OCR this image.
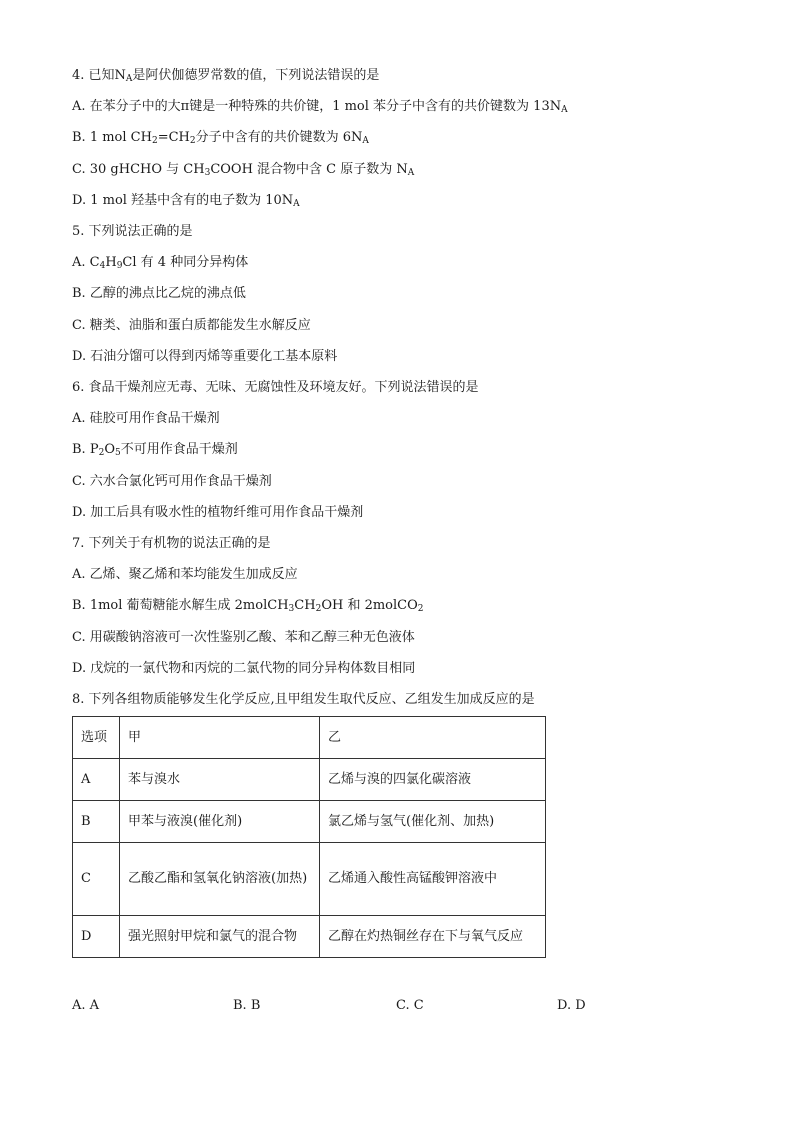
4. 已知$N_A$是阿伏伽德罗常数的值，下列说法错误的是
A. 在苯分子中的大π键是一种特殊的共价键，1 mol 苯分子中含有的共价键数为 $13N_A$
B. 1 mol $CH_2=CH_2$分子中含有的共价键数为 $6N_A$
C. 30 gHCHO 与 $CH_3COOH$ 混合物中含 C 原子数为 $N_A$
D. 1 mol 羟基中含有的电子数为 $10N_A$
5. 下列说法正确的是
A. $C_4H_9Cl$ 有 4 种同分异构体
B. 乙醇的沸点比乙烷的沸点低
C. 糖类、油脂和蛋白质都能发生水解反应
D. 石油分馏可以得到丙烯等重要化工基本原料
6. 食品干燥剂应无毒、无味、无腐蚀性及环境友好。下列说法错误的是
A. 硅胶可用作食品干燥剂
B. $P_2O_5$不可用作食品干燥剂
C. 六水合氯化钙可用作食品干燥剂
D. 加工后具有吸水性的植物纤维可用作食品干燥剂
7. 下列关于有机物的说法正确的是
A. 乙烯、聚乙烯和苯均能发生加成反应
B. 1mol 葡萄糖能水解生成 $2molCH_3CH_2OH$ 和 2molCO$_2$
C. 用碳酸钠溶液可一次性鉴别乙酸、苯和乙醇三种无色液体
D. 戊烷的一氯代物和丙烷的二氯代物的同分异构体数目相同
8. 下列各组物质能够发生化学反应,且甲组发生取代反应、乙组发生加成反应的是
选项	甲	乙
A	苯与溴水	乙烯与溴的四氯化碳溶液
B	甲苯与液溴(催化剂)	氯乙烯与氢气(催化剂、加热)
C	乙酸乙酯和氢氧化钠溶液(加热)	乙烯通入酸性高锰酸钾溶液中
D	强光照射甲烷和氯气的混合物	乙醇在灼热铜丝存在下与氧气反应
A. A	B. B	C. C	D. D
